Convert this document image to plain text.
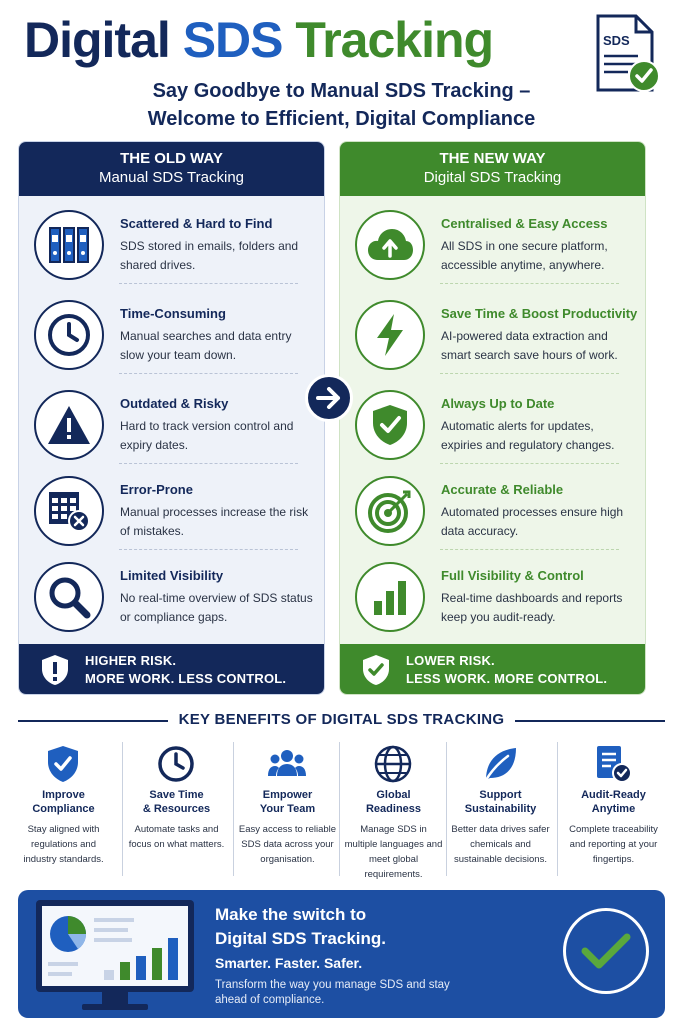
Digital SDS Tracking	SDS
Say Goodbye to Manual SDS Tracking –
Welcome to Efficient, Digital Compliance
THE OLD WAY
Manual SDS Tracking
Scattered & Hard to Find
SDS stored in emails, folders and shared drives.
Time-Consuming
Manual searches and data entry slow your team down.
Outdated & Risky
Hard to track version control and expiry dates.
Error-Prone
Manual processes increase the risk of mistakes.
Limited Visibility
No real-time overview of SDS status or compliance gaps.
HIGHER RISK.
MORE WORK. LESS CONTROL.
THE NEW WAY
Digital SDS Tracking
Centralised & Easy Access
All SDS in one secure platform, accessible anytime, anywhere.
Save Time & Boost Productivity
AI-powered data extraction and smart search save hours of work.
Always Up to Date
Automatic alerts for updates, expiries and regulatory changes.
Accurate & Reliable
Automated processes ensure high data accuracy.
Full Visibility & Control
Real-time dashboards and reports keep you audit-ready.
LOWER RISK.
LESS WORK. MORE CONTROL.
KEY BENEFITS OF DIGITAL SDS TRACKING
Improve
Compliance
Stay aligned with regulations and industry standards.
Save Time
& Resources
Automate tasks and focus on what matters.
Empower
Your Team
Easy access to reliable SDS data across your organisation.
Global
Readiness
Manage SDS in multiple languages and meet global requirements.
Support
Sustainability
Better data drives safer chemicals and sustainable decisions.
Audit-Ready
Anytime
Complete traceability and reporting at your fingertips.
Make the switch to
Digital SDS Tracking.
Smarter. Faster. Safer.
Transform the way you manage SDS and stay ahead of compliance.
